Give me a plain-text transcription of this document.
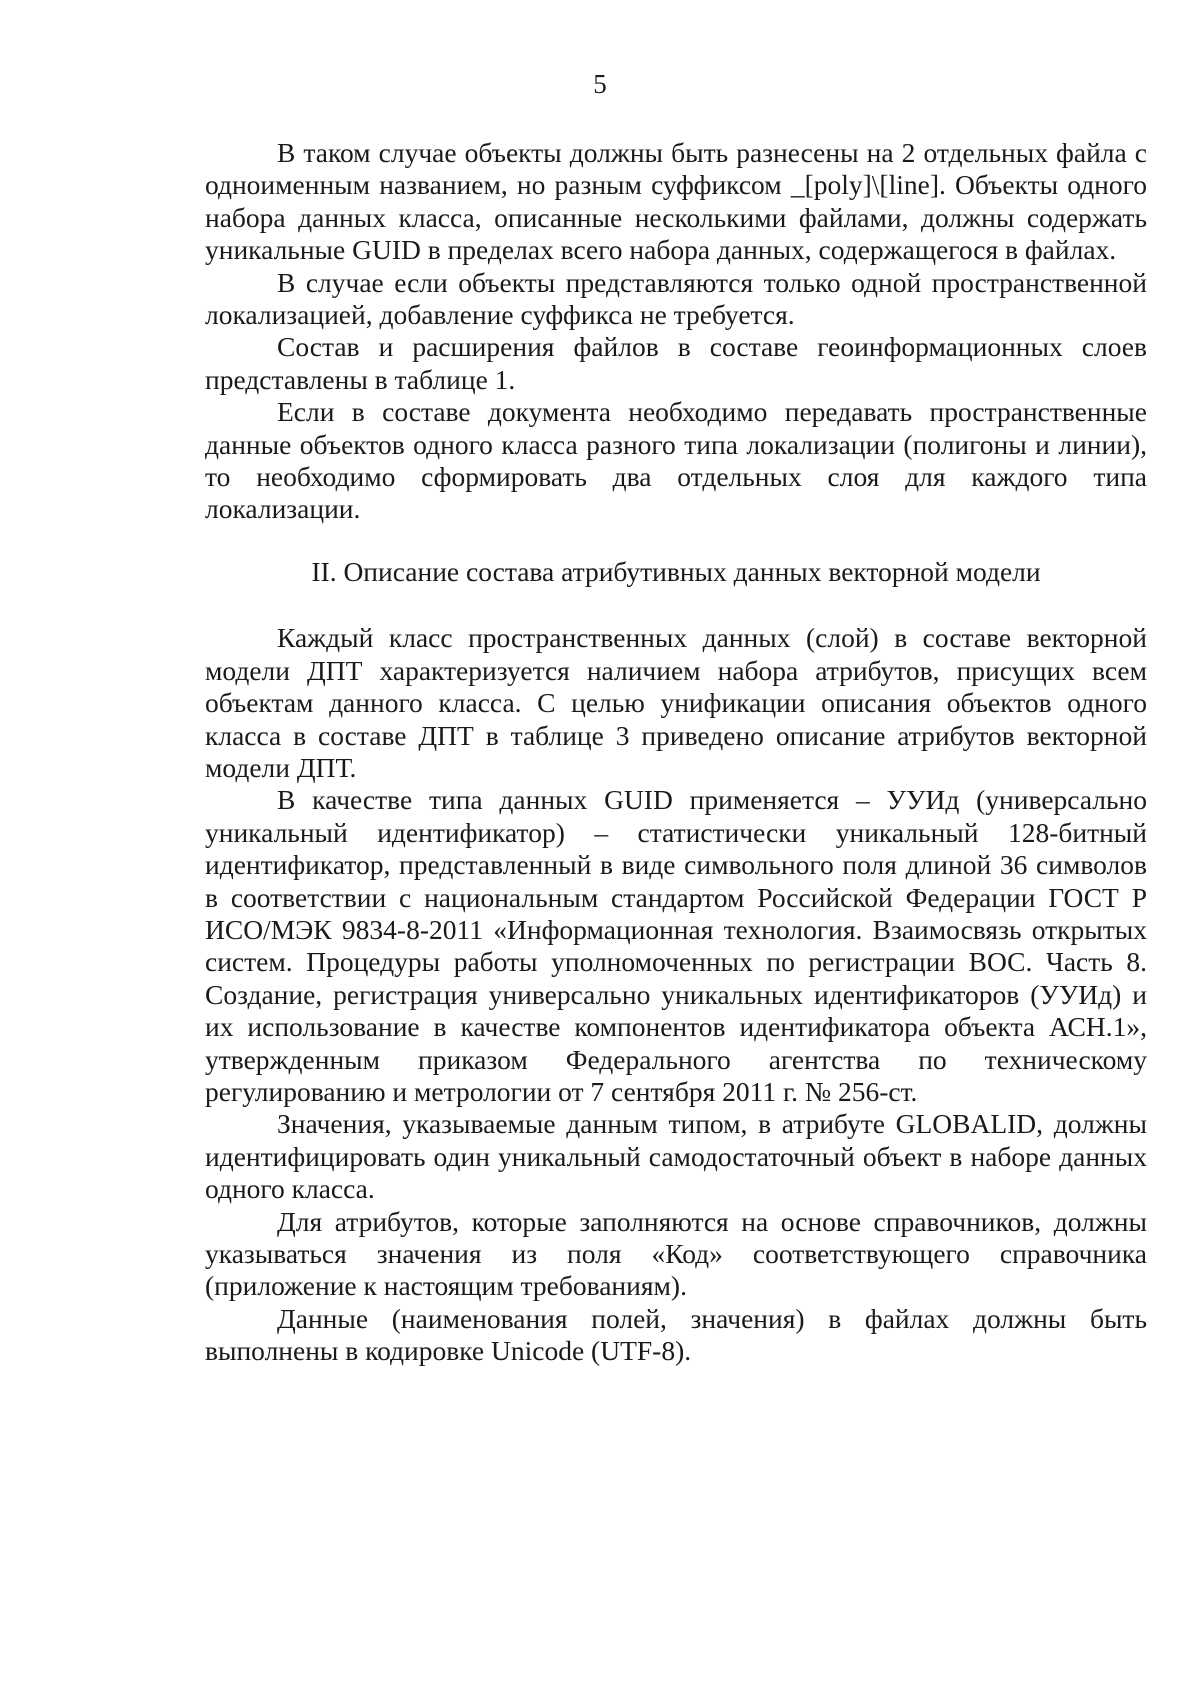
5

В таком случае объекты должны быть разнесены на 2 отдельных файла с одноименным названием, но разным суффиксом _[poly]\[line]. Объекты одного набора данных класса, описанные несколькими файлами, должны содержать уникальные GUID в пределах всего набора данных, содержащегося в файлах.

В случае если объекты представляются только одной пространственной локализацией, добавление суффикса не требуется.

Состав и расширения файлов в составе геоинформационных слоев представлены в таблице 1.

Если в составе документа необходимо передавать пространственные данные объектов одного класса разного типа локализации (полигоны и линии), то необходимо сформировать два отдельных слоя для каждого типа локализации.

II. Описание состава атрибутивных данных векторной модели

Каждый класс пространственных данных (слой) в составе векторной модели ДПТ характеризуется наличием набора атрибутов, присущих всем объектам данного класса. С целью унификации описания объектов одного класса в составе ДПТ в таблице 3 приведено описание атрибутов векторной модели ДПТ.

В качестве типа данных GUID применяется – УУИд (универсально уникальный идентификатор) – статистически уникальный 128-битный идентификатор, представленный в виде символьного поля длиной 36 символов в соответствии с национальным стандартом Российской Федерации ГОСТ Р ИСО/МЭК 9834-8-2011 «Информационная технология. Взаимосвязь открытых систем. Процедуры работы уполномоченных по регистрации ВОС. Часть 8. Создание, регистрация универсально уникальных идентификаторов (УУИд) и их использование в качестве компонентов идентификатора объекта АСН.1», утвержденным приказом Федерального агентства по техническому регулированию и метрологии от 7 сентября 2011 г. № 256-ст.

Значения, указываемые данным типом, в атрибуте GLOBALID, должны идентифицировать один уникальный самодостаточный объект в наборе данных одного класса.

Для атрибутов, которые заполняются на основе справочников, должны указываться значения из поля «Код» соответствующего справочника (приложение к настоящим требованиям).

Данные (наименования полей, значения) в файлах должны быть выполнены в кодировке Unicode (UTF-8).
